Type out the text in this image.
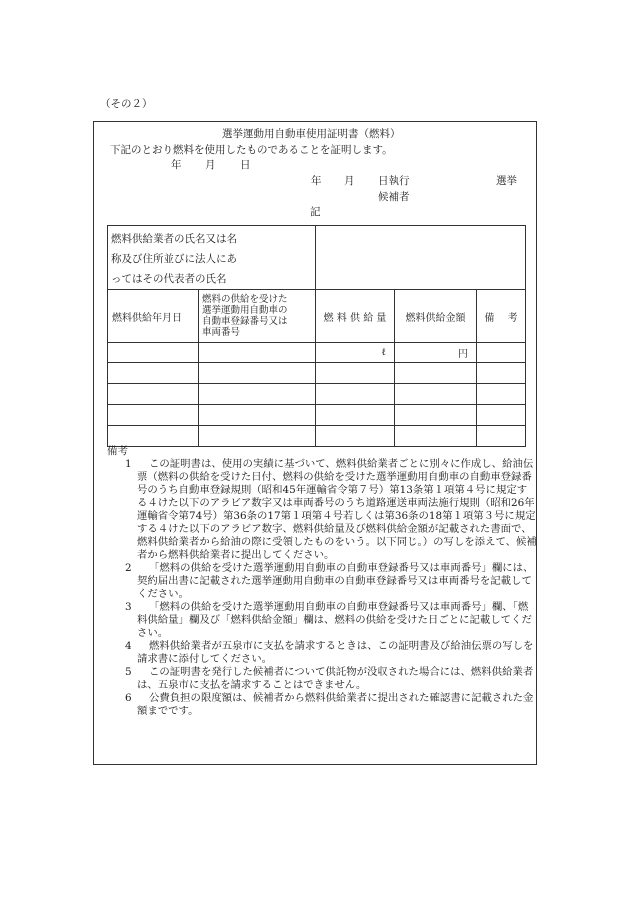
（その２）
選挙運動用自動車使用証明書（燃料）
下記のとおり燃料を使用したものであることを証明します。
年 月 日
年 月 日執行	選挙
候補者
記
燃料供給業者の氏名又は名
称及び住所並びに法人にあ
ってはその代表者の氏名				

燃料供給年月日	燃料の供給を受けた
選挙運動用自動車の
自動車登録番号又は
車両番号	燃 料 供 給 量	燃料供給金額	備　 考
		ℓ	円	

備考
1	この証明書は、使用の実績に基づいて、燃料供給業者ごとに別々に作成し、給油伝票（燃料の供給を受けた日付、燃料の供給を受けた選挙運動用自動車の自動車登録番号のうち自動車登録規則（昭和45年運輸省令第７号）第13条第１項第４号に規定する４けた以下のアラビア数字又は車両番号のうち道路運送車両法施行規則（昭和26年運輸省令第74号）第36条の17第１項第４号若しくは第36条の18第１項第３号に規定する４けた以下のアラビア数字、燃料供給量及び燃料供給金額が記載された書面で、燃料供給業者から給油の際に受領したものをいう。以下同じ。）の写しを添えて、候補者から燃料供給業者に提出してください。
2	「燃料の供給を受けた選挙運動用自動車の自動車登録番号又は車両番号」欄には、契約届出書に記載された選挙運動用自動車の自動車登録番号又は車両番号を記載してください。
3	「燃料の供給を受けた選挙運動用自動車の自動車登録番号又は車両番号」欄、「燃料供給量」欄及び「燃料供給金額」欄は、燃料の供給を受けた日ごとに記載してください。
4	燃料供給業者が五泉市に支払を請求するときは、この証明書及び給油伝票の写しを請求書に添付してください。
5	この証明書を発行した候補者について供託物が没収された場合には、燃料供給業者は、五泉市に支払を請求することはできません。
6	公費負担の限度額は、候補者から燃料供給業者に提出された確認書に記載された金額までです。
